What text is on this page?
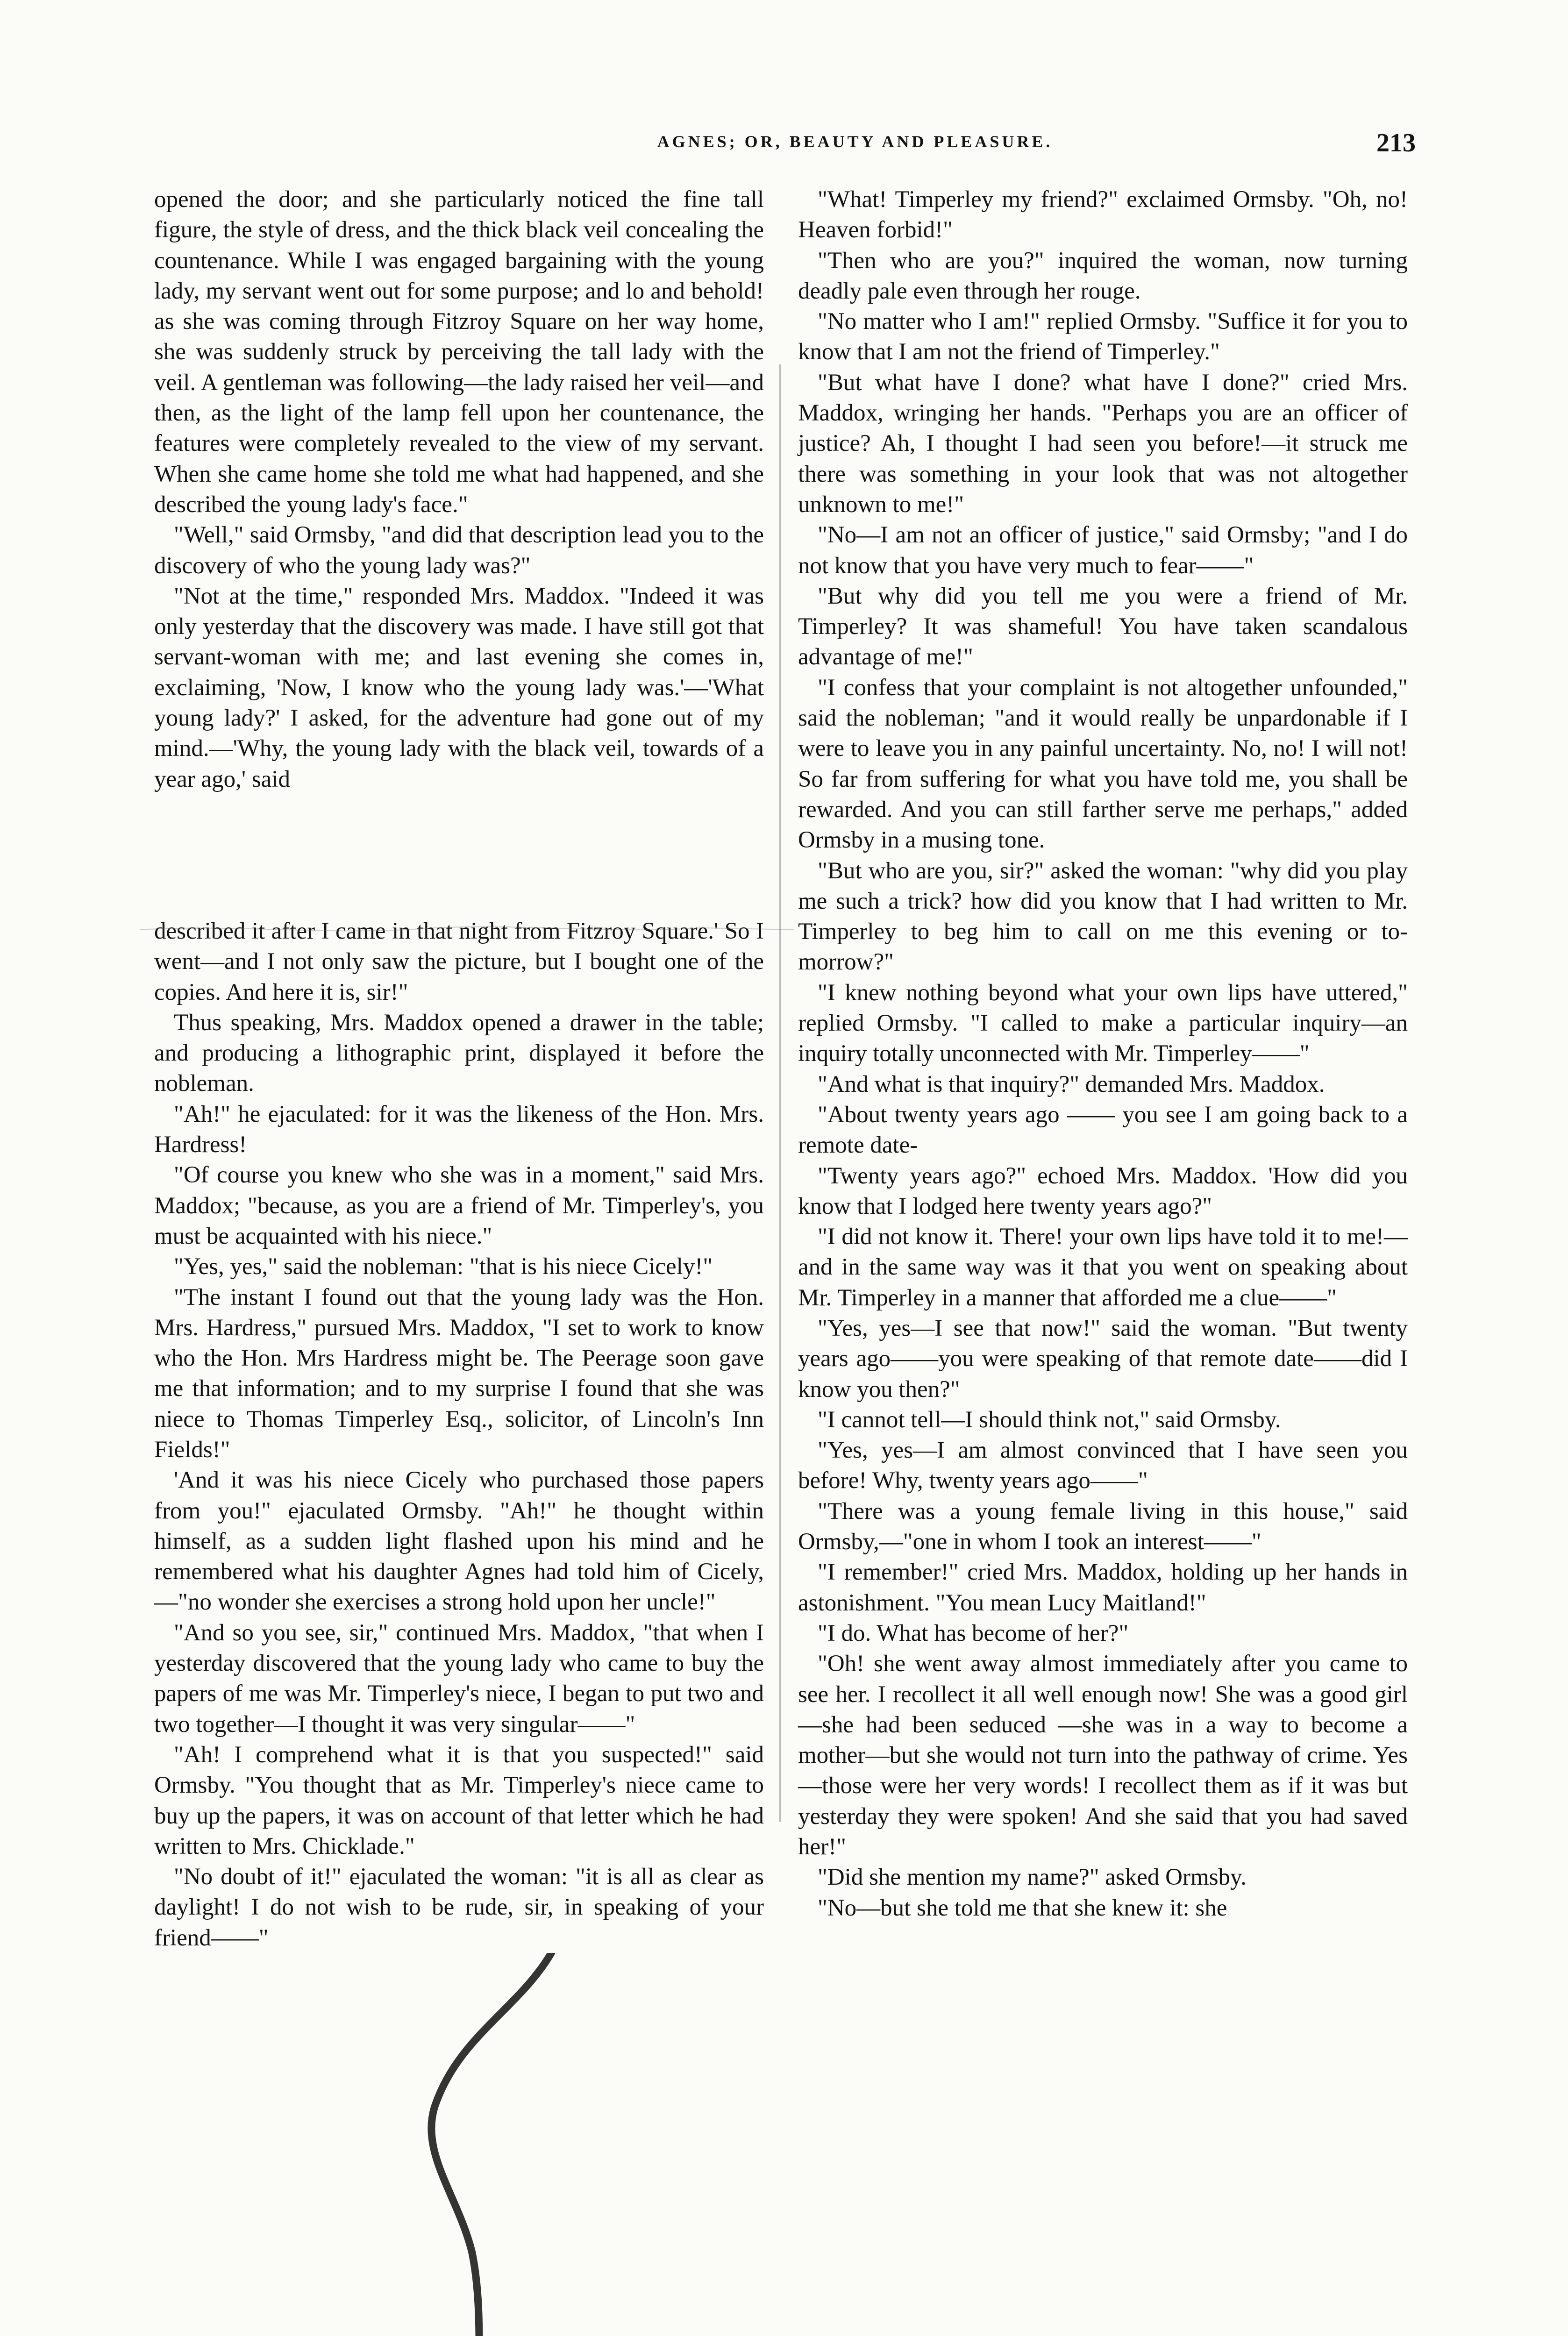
AGNES; OR, BEAUTY AND PLEASURE.	213

opened the door; and she particularly noticed the fine tall figure, the style of dress, and the thick black veil concealing the countenance. While I was engaged bargaining with the young lady, my servant went out for some purpose; and lo and behold! as she was coming through Fitzroy Square on her way home, she was suddenly struck by perceiving the tall lady with the veil. A gentleman was following—the lady raised her veil—and then, as the light of the lamp fell upon her countenance, the features were completely revealed to the view of my servant. When she came home she told me what had happened, and she described the young lady's face."

"Well," said Ormsby, "and did that description lead you to the discovery of who the young lady was?"

"Not at the time," responded Mrs. Maddox. "Indeed it was only yesterday that the discovery was made. I have still got that servant-woman with me; and last evening she comes in, exclaiming, 'Now, I know who the young lady was.'—'What young lady?' I asked, for the adventure had gone out of my mind.—'Why, the young lady with the black veil, towards of a year ago,' said

described it after I came in that night from Fitzroy Square.' So I went—and I not only saw the picture, but I bought one of the copies. And here it is, sir!"

Thus speaking, Mrs. Maddox opened a drawer in the table; and producing a lithographic print, displayed it before the nobleman.

"Ah!" he ejaculated: for it was the likeness of the Hon. Mrs. Hardress!

"Of course you knew who she was in a moment," said Mrs. Maddox; "because, as you are a friend of Mr. Timperley's, you must be acquainted with his niece."

"Yes, yes," said the nobleman: "that is his niece Cicely!"

"The instant I found out that the young lady was the Hon. Mrs. Hardress," pursued Mrs. Maddox, "I set to work to know who the Hon. Mrs Hardress might be. The Peerage soon gave me that information; and to my surprise I found that she was niece to Thomas Timperley Esq., solicitor, of Lincoln's Inn Fields!"

'And it was his niece Cicely who purchased those papers from you!" ejaculated Ormsby. "Ah!" he thought within himself, as a sudden light flashed upon his mind and he remembered what his daughter Agnes had told him of Cicely,—"no wonder she exercises a strong hold upon her uncle!"

"And so you see, sir," continued Mrs. Maddox, "that when I yesterday discovered that the young lady who came to buy the papers of me was Mr. Timperley's niece, I began to put two and two together—I thought it was very singular——"

"Ah! I comprehend what it is that you suspected!" said Ormsby. "You thought that as Mr. Timperley's niece came to buy up the papers, it was on account of that letter which he had written to Mrs. Chicklade."

"No doubt of it!" ejaculated the woman: "it is all as clear as daylight! I do not wish to be rude, sir, in speaking of your friend——"

"What! Timperley my friend?" exclaimed Ormsby. "Oh, no! Heaven forbid!"

"Then who are you?" inquired the woman, now turning deadly pale even through her rouge.

"No matter who I am!" replied Ormsby. "Suffice it for you to know that I am not the friend of Timperley."

"But what have I done? what have I done?" cried Mrs. Maddox, wringing her hands. "Perhaps you are an officer of justice? Ah, I thought I had seen you before!—it struck me there was something in your look that was not altogether unknown to me!"

"No—I am not an officer of justice," said Ormsby; "and I do not know that you have very much to fear——"

"But why did you tell me you were a friend of Mr. Timperley? It was shameful! You have taken scandalous advantage of me!"

"I confess that your complaint is not altogether unfounded," said the nobleman; "and it would really be unpardonable if I were to leave you in any painful uncertainty. No, no! I will not! So far from suffering for what you have told me, you shall be rewarded. And you can still farther serve me perhaps," added Ormsby in a musing tone.

"But who are you, sir?" asked the woman: "why did you play me such a trick? how did you know that I had written to Mr. Timperley to beg him to call on me this evening or to-morrow?"

"I knew nothing beyond what your own lips have uttered," replied Ormsby. "I called to make a particular inquiry—an inquiry totally unconnected with Mr. Timperley——"

"And what is that inquiry?" demanded Mrs. Maddox.

"About twenty years ago —— you see I am going back to a remote date-

"Twenty years ago?" echoed Mrs. Maddox. 'How did you know that I lodged here twenty years ago?"

"I did not know it. There! your own lips have told it to me!—and in the same way was it that you went on speaking about Mr. Timperley in a manner that afforded me a clue——"

"Yes, yes—I see that now!" said the woman. "But twenty years ago——you were speaking of that remote date——did I know you then?"

"I cannot tell—I should think not," said Ormsby.

"Yes, yes—I am almost convinced that I have seen you before! Why, twenty years ago——"

"There was a young female living in this house," said Ormsby,—"one in whom I took an interest——"

"I remember!" cried Mrs. Maddox, holding up her hands in astonishment. "You mean Lucy Maitland!"

"I do. What has become of her?"

"Oh! she went away almost immediately after you came to see her. I recollect it all well enough now! She was a good girl—she had been seduced —she was in a way to become a mother—but she would not turn into the pathway of crime. Yes—those were her very words! I recollect them as if it was but yesterday they were spoken! And she said that you had saved her!"

"Did she mention my name?" asked Ormsby.

"No—but she told me that she knew it: she
